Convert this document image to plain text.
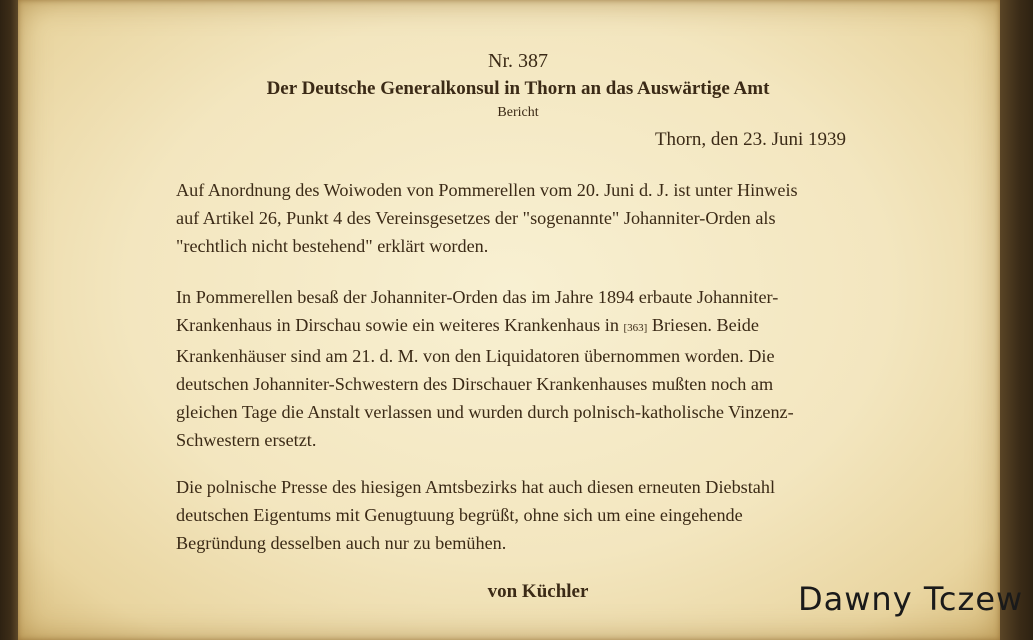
Nr. 387
Der Deutsche Generalkonsul in Thorn an das Auswärtige Amt
Bericht
Thorn, den 23. Juni 1939
Auf Anordnung des Woiwoden von Pommerellen vom 20. Juni d. J. ist unter Hinweis
auf Artikel 26, Punkt 4 des Vereinsgesetzes der "sogenannte" Johanniter-Orden als
"rechtlich nicht bestehend" erklärt worden.
In Pommerellen besaß der Johanniter-Orden das im Jahre 1894 erbaute Johanniter-
Krankenhaus in Dirschau sowie ein weiteres Krankenhaus in [363] Briesen. Beide
Krankenhäuser sind am 21. d. M. von den Liquidatoren übernommen worden. Die
deutschen Johanniter-Schwestern des Dirschauer Krankenhauses mußten noch am
gleichen Tage die Anstalt verlassen und wurden durch polnisch-katholische Vinzenz-
Schwestern ersetzt.
Die polnische Presse des hiesigen Amtsbezirks hat auch diesen erneuten Diebstahl
deutschen Eigentums mit Genugtuung begrüßt, ohne sich um eine eingehende
Begründung desselben auch nur zu bemühen.
von Küchler	Dawny Tczew
